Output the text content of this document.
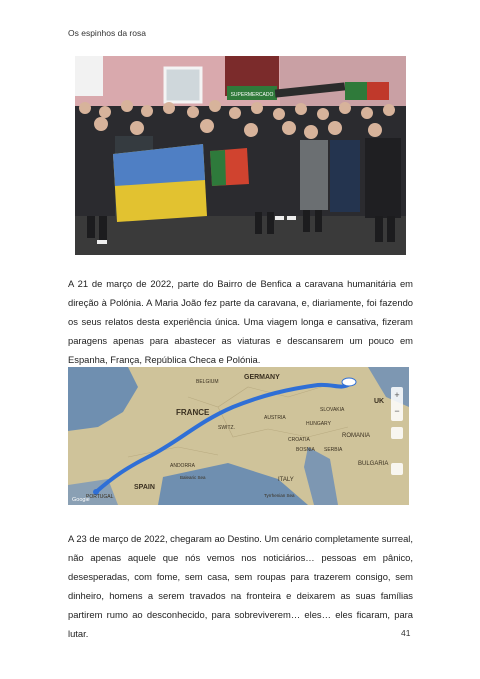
Os espinhos da rosa
SUPERMERCADO

A 21 de março de 2022, parte do Bairro de Benfica a caravana humanitária em direção à Polónia. A Maria João fez parte da caravana, e, diariamente, foi fazendo os seus relatos desta experiência única. Uma viagem longa e cansativa, fizeram paragens apenas para abastecer as viaturas e descansarem um pouco em Espanha, França, República Checa e Polónia.

GERMANY
BELGIUM
FRANCE
SPAIN
PORTUGAL
ANDORRA
ITALY
AUSTRIA
HUNGARY
ROMANIA
SERBIA
BULGARIA
CROATIA
SLOVAKIA
SWITZ.
BOSNIA
UK
Tyrrhenian Sea
Balearic Sea
Google
+
−

A 23 de março de 2022, chegaram ao Destino. Um cenário completamente surreal, não apenas aquele que nós vemos nos noticiários… pessoas em pânico, desesperadas, com fome, sem casa, sem roupas para trazerem consigo, sem dinheiro, homens a serem travados na fronteira e deixarem as suas famílias partirem rumo ao desconhecido, para sobreviverem… eles… eles ficaram, para lutar.	41
